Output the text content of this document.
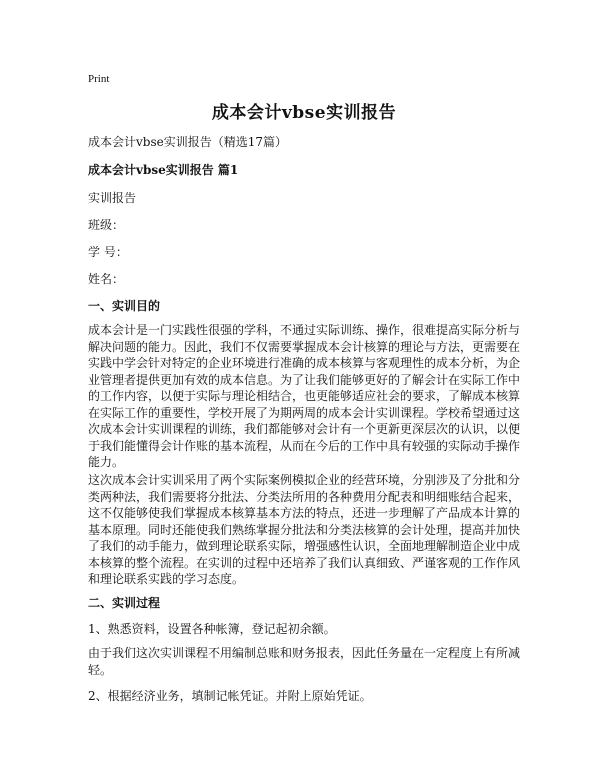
Print
成本会计vbse实训报告
成本会计vbse实训报告（精选17篇）
成本会计vbse实训报告 篇1
实训报告
班级：
学 号：
姓名：
一、实训目的

成本会计是一门实践性很强的学科，不通过实际训练、操作，很难提高实际分析与解决问题的能力。因此，我们不仅需要掌握成本会计核算的理论与方法，更需要在实践中学会针对特定的企业环境进行准确的成本核算与客观理性的成本分析，为企业管理者提供更加有效的成本信息。为了让我们能够更好的了解会计在实际工作中的工作内容，以便于实际与理论相结合，也更能够适应社会的要求，了解成本核算在实际工作的重要性，学校开展了为期两周的成本会计实训课程。学校希望通过这次成本会计实训课程的训练，我们都能够对会计有一个更新更深层次的认识，以便于我们能懂得会计作账的基本流程，从而在今后的工作中具有较强的实际动手操作能力。

这次成本会计实训采用了两个实际案例模拟企业的经营环境，分别涉及了分批和分类两种法，我们需要将分批法、分类法所用的各种费用分配表和明细账结合起来，这不仅能够使我们掌握成本核算基本方法的特点，还进一步理解了产品成本计算的基本原理。同时还能使我们熟练掌握分批法和分类法核算的会计处理，提高并加快了我们的动手能力，做到理论联系实际，增强感性认识，全面地理解制造企业中成本核算的整个流程。在实训的过程中还培养了我们认真细致、严谨客观的工作作风和理论联系实践的学习态度。

二、实训过程
1、熟悉资料，设置各种帐簿，登记起初余额。

由于我们这次实训课程不用编制总账和财务报表，因此任务量在一定程度上有所减轻。

2、根据经济业务，填制记帐凭证。并附上原始凭证。
